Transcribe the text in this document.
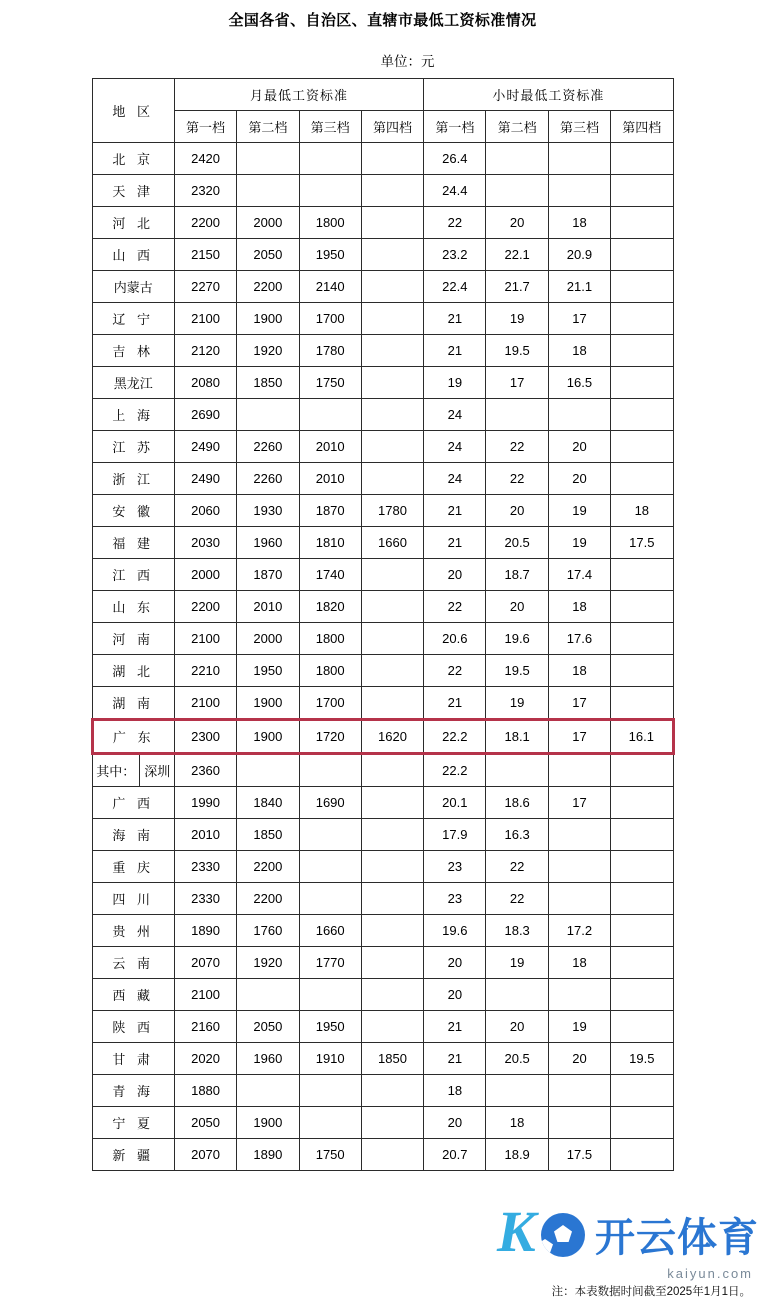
全国各省、自治区、直辖市最低工资标准情况
单位：元
地 区	月最低工资标准				小时最低工资标准			
	第一档	第二档	第三档	第四档	第一档	第二档	第三档	第四档
北 京	2420				26.4			
天 津	2320				24.4			
河 北	2200	2000	1800		22	20	18	
山 西	2150	2050	1950		23.2	22.1	20.9	
内蒙古	2270	2200	2140		22.4	21.7	21.1	
辽 宁	2100	1900	1700		21	19	17	
吉 林	2120	1920	1780		21	19.5	18	
黑龙江	2080	1850	1750		19	17	16.5	
上 海	2690				24			
江 苏	2490	2260	2010		24	22	20	
浙 江	2490	2260	2010		24	22	20	
安 徽	2060	1930	1870	1780	21	20	19	18
福 建	2030	1960	1810	1660	21	20.5	19	17.5
江 西	2000	1870	1740		20	18.7	17.4	
山 东	2200	2010	1820		22	20	18	
河 南	2100	2000	1800		20.6	19.6	17.6	
湖 北	2210	1950	1800		22	19.5	18	
湖 南	2100	1900	1700		21	19	17	
广 东	2300	1900	1720	1620	22.2	18.1	17	16.1

其中： 深圳	2360				22.2			
广 西	1990	1840	1690		20.1	18.6	17	
海 南	2010	1850			17.9	16.3		
重 庆	2330	2200			23	22		
四 川	2330	2200			23	22		
贵 州	1890	1760	1660		19.6	18.3	17.2	
云 南	2070	1920	1770		20	19	18	
西 藏	2100				20			
陕 西	2160	2050	1950		21	20	19	
甘 肃	2020	1960	1910	1850	21	20.5	20	19.5
青 海	1880				18			
宁 夏	2050	1900			20	18		
新 疆	2070	1890	1750		20.7	18.9	17.5	
K 开云体育
kaiyun.com
注：本表数据时间截至2025年1月1日。
